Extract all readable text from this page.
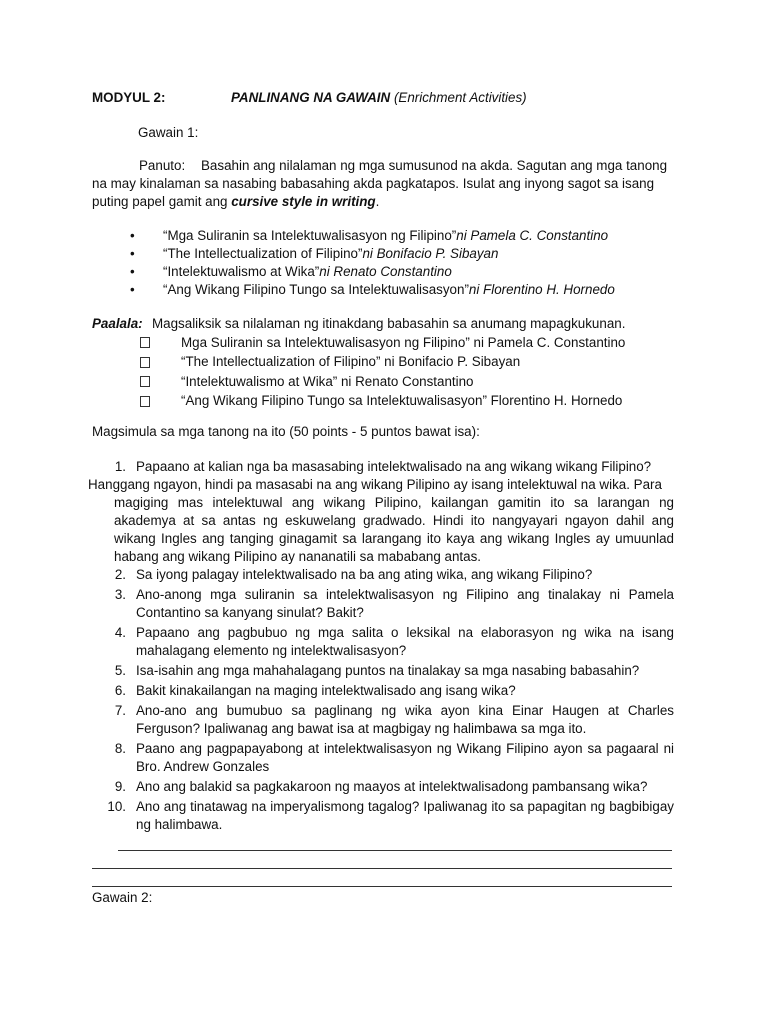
MODYUL 2:	PANLINANG NA GAWAIN (Enrichment Activities)
Gawain 1:

Panuto: Basahin ang nilalaman ng mga sumusunod na akda. Sagutan ang mga tanong

na may kinalaman sa nasabing babasahing akda pagkatapos. Isulat ang inyong sagot sa isang

puting papel gamit ang cursive style in writing.

•	“Mga Suliranin sa Intelektuwalisasyon ng Filipino” ni Pamela C. Constantino
•	“The Intellectualization of Filipino” ni Bonifacio P. Sibayan
•	“Intelektuwalismo at Wika” ni Renato Constantino
•	“Ang Wikang Filipino Tungo sa Intelektuwalisasyon” ni Florentino H. Hornedo
Paalala: Magsaliksik sa nilalaman ng itinakdang babasahin sa anumang mapagkukunan.
Mga Suliranin sa Intelektuwalisasyon ng Filipino” ni Pamela C. Constantino
“The Intellectualization of Filipino” ni Bonifacio P. Sibayan
“Intelektuwalismo at Wika” ni Renato Constantino
“Ang Wikang Filipino Tungo sa Intelektuwalisasyon” Florentino H. Hornedo
Magsimula sa mga tanong na ito (50 points - 5 puntos bawat isa):
1. Papaano at kalian nga ba masasabing intelektwalisado na ang wikang wikang Filipino?
Hanggang ngayon, hindi pa masasabi na ang wikang Pilipino ay isang intelektuwal na wika. Para
magiging mas intelektuwal ang wikang Pilipino, kailangan gamitin ito sa larangan ng akademya at sa antas ng eskuwelang gradwado. Hindi ito nangyayari ngayon dahil ang wikang Ingles ang tanging ginagamit sa larangang ito kaya ang wikang Ingles ay umuunlad habang ang wikang Pilipino ay nananatili sa mababang antas.
2. Sa iyong palagay intelektwalisado na ba ang ating wika, ang wikang Filipino?
3. Ano-anong mga suliranin sa intelektwalisasyon ng Filipino ang tinalakay ni Pamela Contantino sa kanyang sinulat? Bakit?
4. Papaano ang pagbubuo ng mga salita o leksikal na elaborasyon ng wika na isang mahalagang elemento ng intelektwalisasyon?
5. Isa-isahin ang mga mahahalagang puntos na tinalakay sa mga nasabing babasahin?
6. Bakit kinakailangan na maging intelektwalisado ang isang wika?
7. Ano-ano ang bumubuo sa paglinang ng wika ayon kina Einar Haugen at Charles Ferguson? Ipaliwanag ang bawat isa at magbigay ng halimbawa sa mga ito.
8. Paano ang pagpapayabong at intelektwalisasyon ng Wikang Filipino ayon sa pagaaral ni Bro. Andrew Gonzales
9. Ano ang balakid sa pagkakaroon ng maayos at intelektwalisadong pambansang wika?
10. Ano ang tinatawag na imperyalismong tagalog? Ipaliwanag ito sa papagitan ng bagbibigay ng halimbawa.
Gawain 2:
